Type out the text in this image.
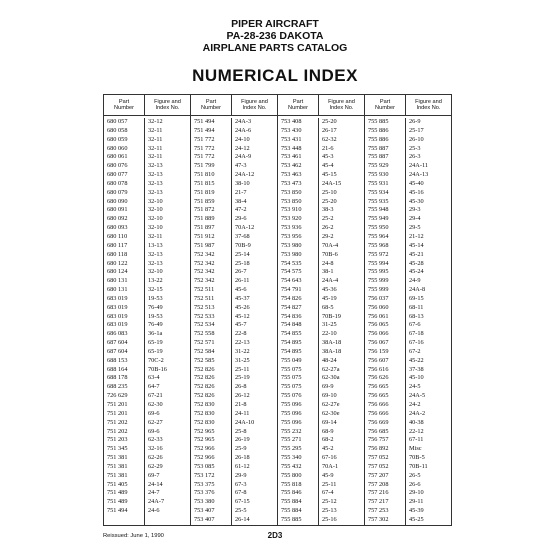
PIPER AIRCRAFT
PA-28-236 DAKOTA
AIRPLANE PARTS CATALOG
NUMERICAL INDEX
Part
Number
Figure and
Index No.
680 057
680 058
680 059
680 060
680 061
680 076
680 077
680 078
680 079
680 090
680 091
680 092
680 093
680 110
680 117
680 118
680 122
680 124
680 131
680 131
683 019
683 019
683 019
683 019
686 083
687 604
687 604
688 153
688 164
688 178
688 235
726 629
751 201
751 201
751 202
751 202
751 203
751 345
751 381
751 381
751 381
751 405
751 489
751 489
751 494
32-12
32-11
32-11
32-11
32-11
32-13
32-13
32-13
32-13
32-10
32-10
32-10
32-10
32-11
13-13
32-13
32-13
32-10
13-22
32-15
19-53
76-49
19-53
76-49
36-1a
65-19
65-19
70C-2
70B-16
63-4
64-7
67-21
62-30
69-6
62-27
69-6
62-33
32-16
62-26
62-29
69-7
24-14
24-7
24A-7
24-6
Part
Number
Figure and
Index No.
751 494
751 494
751 772
751 772
751 772
751 799
751 810
751 815
751 819
751 859
751 872
751 889
751 897
751 912
751 987
752 342
752 342
752 342
752 342
752 511
752 511
752 513
752 533
752 534
752 558
752 571
752 584
752 585
752 826
752 826
752 826
752 826
752 830
752 830
752 830
752 965
752 965
752 966
752 966
753 085
753 172
753 375
753 376
753 380
753 407
753 407
24A-3
24A-6
24-10
24-12
24A-9
47-3
24A-12
38-10
21-7
38-4
47-2
29-6
70A-12
37-68
70B-9
25-14
25-18
26-7
26-11
45-6
45-37
45-26
45-12
45-7
22-8
22-13
31-22
31-25
25-11
25-19
26-8
26-12
21-8
24-11
24A-10
25-8
26-19
25-9
26-18
61-12
29-9
67-3
67-8
67-15
25-5
26-14
Part
Number
Figure and
Index No.
753 408
753 430
753 431
753 448
753 461
753 462
753 463
753 473
753 850
753 850
753 910
753 920
753 936
753 956
753 980
753 980
754 535
754 575
754 643
754 791
754 826
754 827
754 836
754 848
754 855
754 895
754 895
755 049
755 075
755 075
755 075
755 076
755 096
755 096
755 096
755 232
755 271
755 295
755 340
755 432
755 800
755 818
755 846
755 884
755 884
755 885
25-20
26-17
62-32
21-6
45-3
45-4
45-15
24A-15
25-10
25-20
38-3
25-2
26-2
29-2
70A-4
70B-6
24-8
38-1
24A-4
45-36
45-19
68-5
70B-19
31-25
22-10
38A-18
38A-18
48-24
62-27a
62-30a
69-9
69-10
62-27e
62-30e
69-14
68-9
68-2
45-2
67-16
70A-1
45-9
25-11
67-4
25-12
25-13
25-16
Part
Number
Figure and
Index No.
755 885
755 886
755 886
755 887
755 887
755 929
755 930
755 931
755 934
755 935
755 948
755 949
755 950
755 964
755 968
755 972
755 994
755 995
755 999
755 999
756 037
756 060
756 061
756 065
756 066
756 067
756 159
756 607
756 616
756 626
756 665
756 665
756 666
756 666
756 669
756 685
756 757
756 892
757 052
757 052
757 207
757 208
757 216
757 217
757 253
757 302
26-9
25-17
26-10
25-3
26-3
24A-11
24A-13
45-40
45-16
45-30
29-3
29-4
29-5
21-12
45-14
45-21
45-28
45-24
24-9
24A-8
69-15
68-11
68-13
67-6
67-18
67-16
67-2
45-22
37-38
45-10
24-5
24A-5
24-2
24A-2
40-38
22-12
67-11
Misc
70B-5
70B-11
26-5
26-6
29-10
29-11
45-39
45-25
Reissued: June 1, 1990	2D3
